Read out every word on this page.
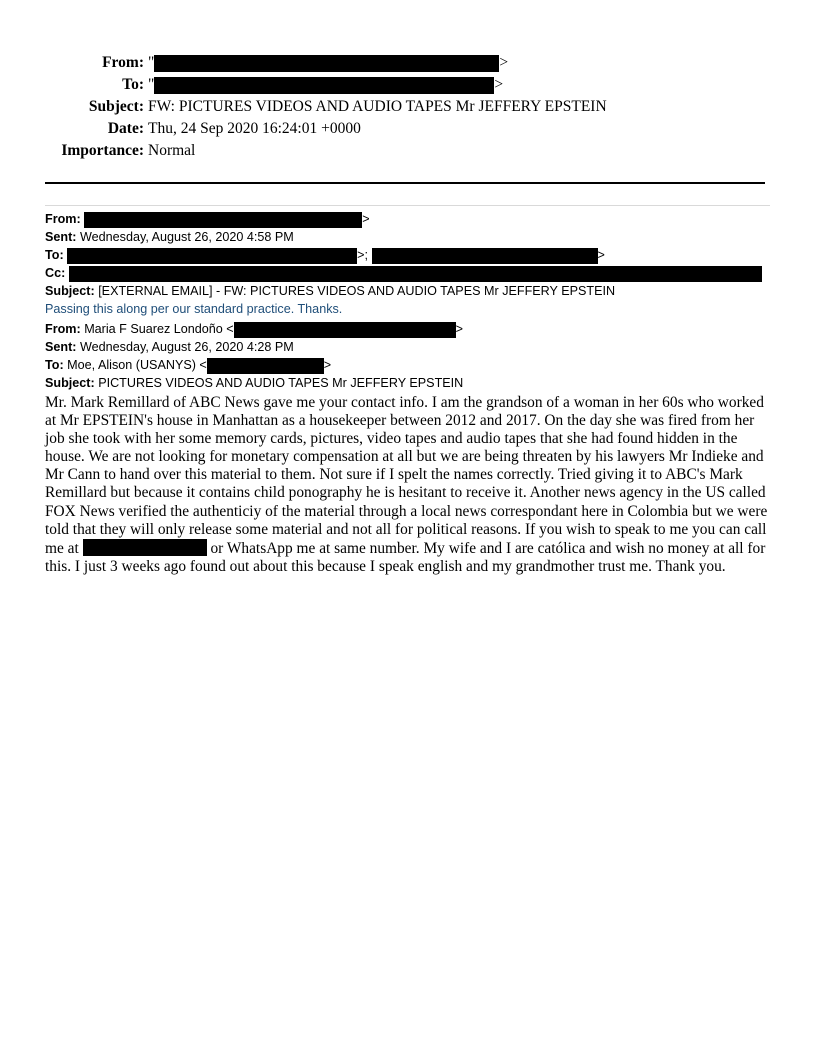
From: "	>
To: "	>
Subject: FW: PICTURES VIDEOS AND AUDIO TAPES Mr JEFFERY EPSTEIN
Date: Thu, 24 Sep 2020 16:24:01 +0000
Importance: Normal
From:	>
Sent: Wednesday, August 26, 2020 4:58 PM
To:	>;	>
Cc:
Subject: [EXTERNAL EMAIL] - FW: PICTURES VIDEOS AND AUDIO TAPES Mr JEFFERY EPSTEIN
Passing this along per our standard practice. Thanks.
From: Maria F Suarez Londoño <	>
Sent: Wednesday, August 26, 2020 4:28 PM
To: Moe, Alison (USANYS) <	>
Subject: PICTURES VIDEOS AND AUDIO TAPES Mr JEFFERY EPSTEIN
Mr. Mark Remillard of ABC News gave me your contact info. I am the grandson of a woman in her 60s who worked at Mr EPSTEIN's house in Manhattan as a housekeeper between 2012 and 2017. On the day she was fired from her job she took with her some memory cards, pictures, video tapes and audio tapes that she had found hidden in the house. We are not looking for monetary compensation at all but we are being threaten by his lawyers Mr Indieke and Mr Cann to hand over this material to them. Not sure if I spelt the names correctly. Tried giving it to ABC's Mark Remillard but because it contains child ponography he is hesitant to receive it. Another news agency in the US called FOX News verified the authenticiy of the material through a local news correspondant here in Colombia but we were told that they will only release some material and not all for political reasons. If you wish to speak to me you can call me at	or WhatsApp me at same number. My wife and I are católica and wish no money at all for this. I just 3 weeks ago found out about this because I speak english and my grandmother trust me. Thank you.
